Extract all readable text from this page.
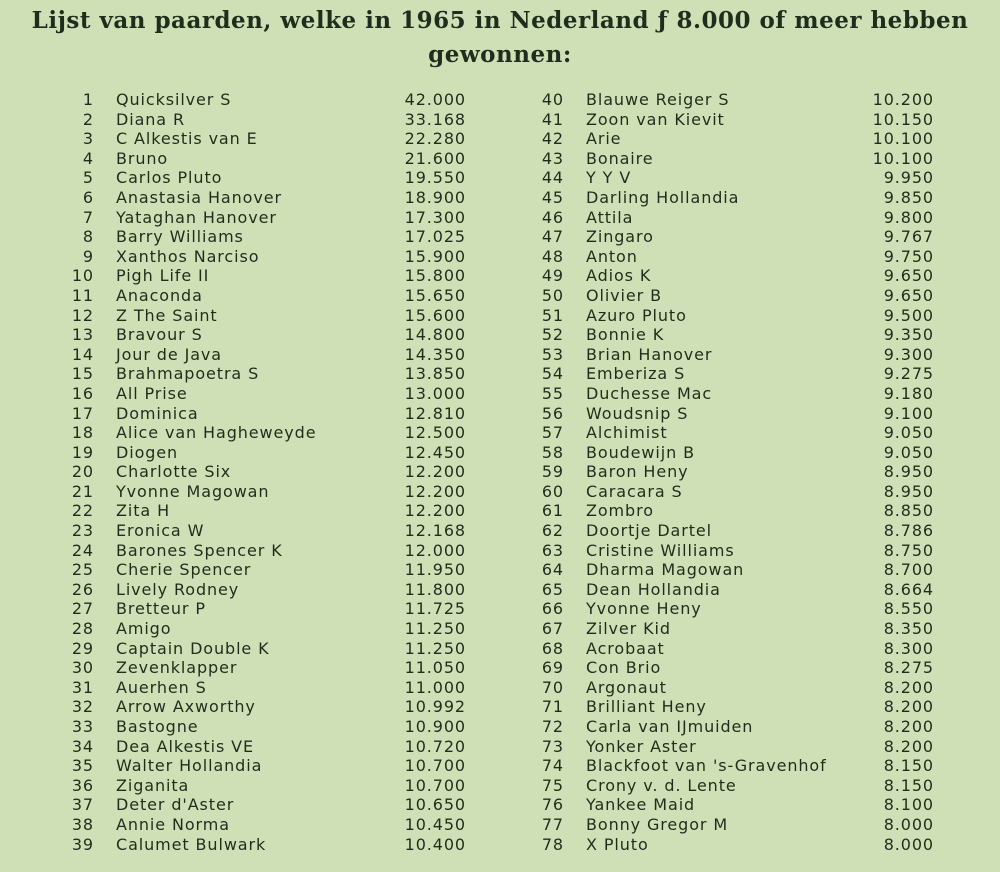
Lijst van paarden, welke in 1965 in Nederland ƒ 8.000 of meer hebben
gewonnen:
1 Quicksilver S	42.000
2 Diana R	33.168
3 C Alkestis van E	22.280
4 Bruno	21.600
5 Carlos Pluto	19.550
6 Anastasia Hanover	18.900
7 Yataghan Hanover	17.300
8 Barry Williams	17.025
9 Xanthos Narciso	15.900
10 Pigh Life II	15.800
11 Anaconda	15.650
12 Z The Saint	15.600
13 Bravour S	14.800
14 Jour de Java	14.350
15 Brahmapoetra S	13.850
16 All Prise	13.000
17 Dominica	12.810
18 Alice van Hagheweyde	12.500
19 Diogen	12.450
20 Charlotte Six	12.200
21 Yvonne Magowan	12.200
22 Zita H	12.200
23 Eronica W	12.168
24 Barones Spencer K	12.000
25 Cherie Spencer	11.950
26 Lively Rodney	11.800
27 Bretteur P	11.725
28 Amigo	11.250
29 Captain Double K	11.250
30 Zevenklapper	11.050
31 Auerhen S	11.000
32 Arrow Axworthy	10.992
33 Bastogne	10.900
34 Dea Alkestis VE	10.720
35 Walter Hollandia	10.700
36 Ziganita	10.700
37 Deter d'Aster	10.650
38 Annie Norma	10.450
39 Calumet Bulwark	10.400
40 Blauwe Reiger S	10.200
41 Zoon van Kievit	10.150
42 Arie	10.100
43 Bonaire	10.100
44 Y Y V	9.950
45 Darling Hollandia	9.850
46 Attila	9.800
47 Zingaro	9.767
48 Anton	9.750
49 Adios K	9.650
50 Olivier B	9.650
51 Azuro Pluto	9.500
52 Bonnie K	9.350
53 Brian Hanover	9.300
54 Emberiza S	9.275
55 Duchesse Mac	9.180
56 Woudsnip S	9.100
57 Alchimist	9.050
58 Boudewijn B	9.050
59 Baron Heny	8.950
60 Caracara S	8.950
61 Zombro	8.850
62 Doortje Dartel	8.786
63 Cristine Williams	8.750
64 Dharma Magowan	8.700
65 Dean Hollandia	8.664
66 Yvonne Heny	8.550
67 Zilver Kid	8.350
68 Acrobaat	8.300
69 Con Brio	8.275
70 Argonaut	8.200
71 Brilliant Heny	8.200
72 Carla van IJmuiden	8.200
73 Yonker Aster	8.200
74 Blackfoot van 's-Gravenhof	8.150
75 Crony v. d. Lente	8.150
76 Yankee Maid	8.100
77 Bonny Gregor M	8.000
78 X Pluto	8.000
